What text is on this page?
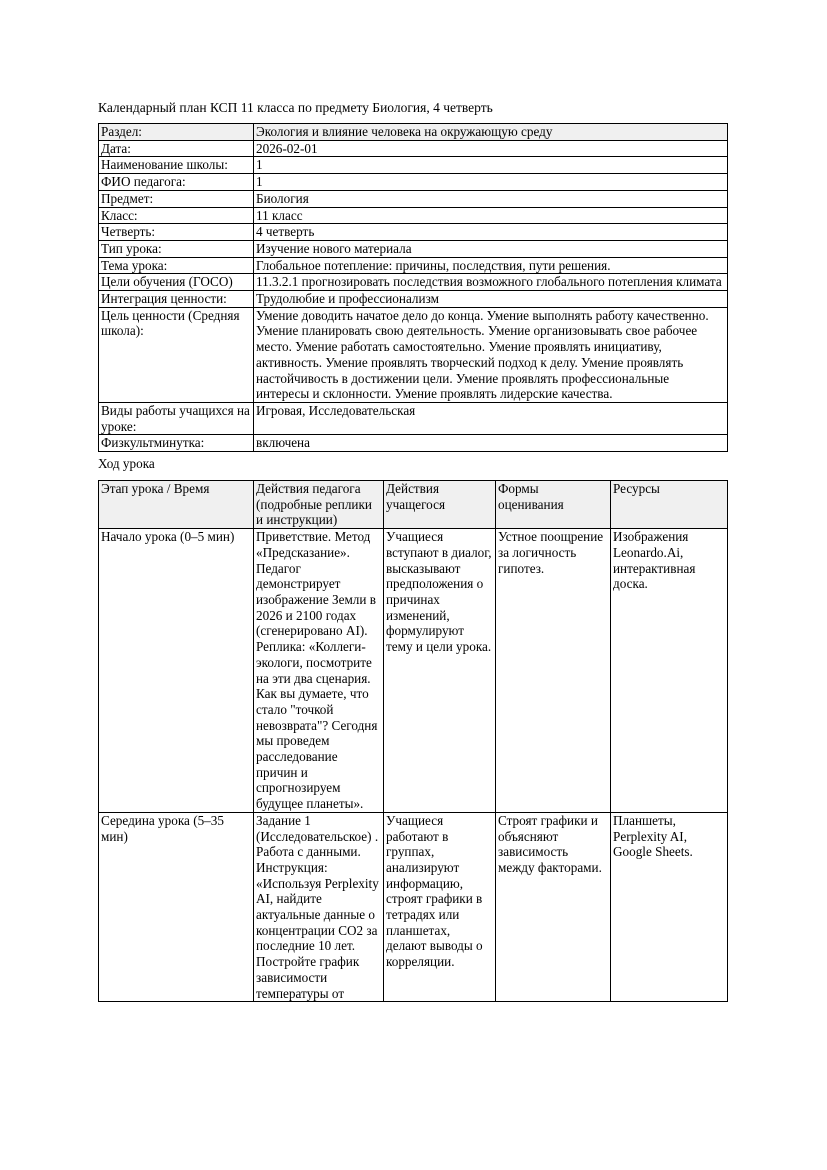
Календарный план КСП 11 класса по предмету Биология, 4 четверть

Раздел:	Экология и влияние человека на окружающую среду
Дата:	2026-02-01
Наименование школы:	1
ФИО педагога:	1
Предмет:	Биология
Класс:	11 класс
Четверть:	4 четверть
Тип урока:	Изучение нового материала
Тема урока:	Глобальное потепление: причины, последствия, пути решения.
Цели обучения (ГОСО)	11.3.2.1 прогнозировать последствия возможного глобального потепления климата
Интеграция ценности:	Трудолюбие и профессионализм
Цель ценности (Средняя школа):	Умение доводить начатое дело до конца. Умение выполнять работу качественно. Умение планировать свою деятельность. Умение организовывать свое рабочее место. Умение работать самостоятельно. Умение проявлять инициативу, активность. Умение проявлять творческий подход к делу. Умение проявлять настойчивость в достижении цели. Умение проявлять профессиональные интересы и склонности. Умение проявлять лидерские качества.
Виды работы учащихся на уроке:	Игровая, Исследовательская
Физкультминутка:	включена

Ход урока

Этап урока / Время	Действия педагога (подробные реплики и инструкции)	Действия учащегося	Формы оценивания	Ресурсы
Начало урока (0–5 мин)	Приветствие. Метод «Предсказание». Педагог демонстрирует изображение Земли в 2026 и 2100 годах (сгенерировано AI). Реплика: «Коллеги-экологи, посмотрите на эти два сценария. Как вы думаете, что стало "точкой невозврата"? Сегодня мы проведем расследование причин и спрогнозируем будущее планеты».	Учащиеся вступают в диалог, высказывают предположения о причинах изменений, формулируют тему и цели урока.	Устное поощрение за логичность гипотез.	Изображения Leonardo.Ai, интерактивная доска.

Середина урока (5–35 мин)	Задание 1 (Исследовательское) . Работа с данными. Инструкция: «Используя Perplexity AI, найдите актуальные данные о концентрации CO2 за последние 10 лет. Постройте график зависимости температуры от	Учащиеся работают в группах, анализируют информацию, строят графики в тетрадях или планшетах, делают выводы о корреляции.	Строят графики и объясняют зависимость между факторами.	Планшеты, Perplexity AI, Google Sheets.
